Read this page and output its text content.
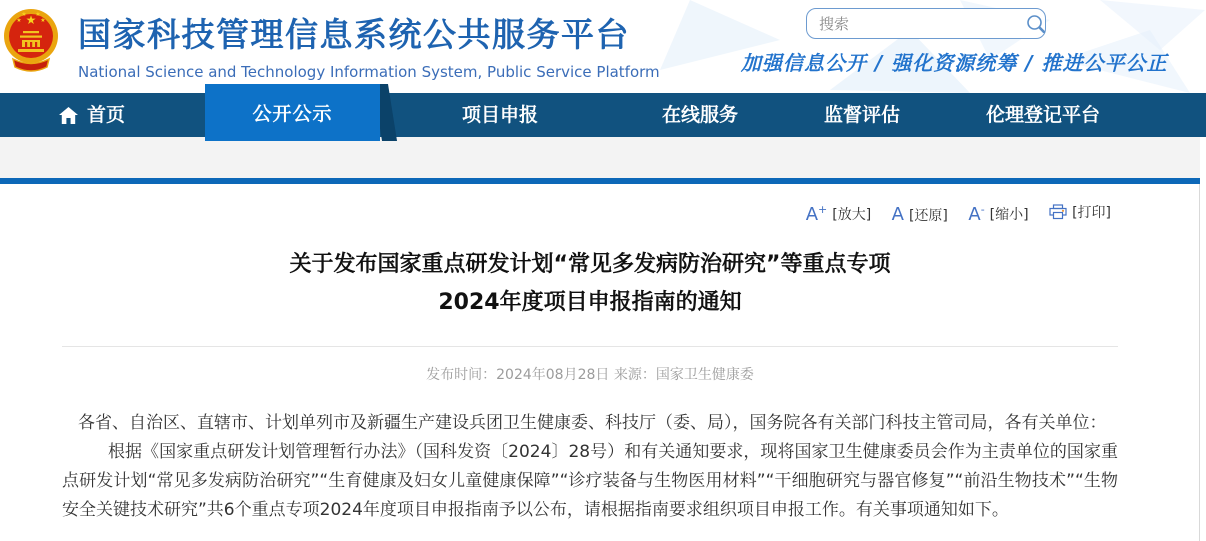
★
★
★ ★
★ 国家科技管理信息系统公共服务平台
National Science and Technology Information System, Public Service Platform
搜索	加强信息公开 / 强化资源统筹 / 推进公平公正
首页	公开公示	项目申报	在线服务	监督评估	伦理登记平台
A+ [放大]
A [还原]
A- [缩小]
	[打印]
关于发布国家重点研发计划“常见多发病防治研究”等重点专项
2024年度项目申报指南的通知
发布时间：2024年08月28日 来源：国家卫生健康委

各省、自治区、直辖市、计划单列市及新疆生产建设兵团卫生健康委、科技厅（委、局），国务院各有关部门科技主管司局，各有关单位：

根据《国家重点研发计划管理暂行办法》（国科发资〔2024〕28号）和有关通知要求，现将国家卫生健康委员会作为主责单位的国家重点研发计划“常见多发病防治研究”“生育健康及妇女儿童健康保障”“诊疗装备与生物医用材料”“干细胞研究与器官修复”“前沿生物技术”“生物安全关键技术研究”共6个重点专项2024年度项目申报指南予以公布，请根据指南要求组织项目申报工作。有关事项通知如下。
